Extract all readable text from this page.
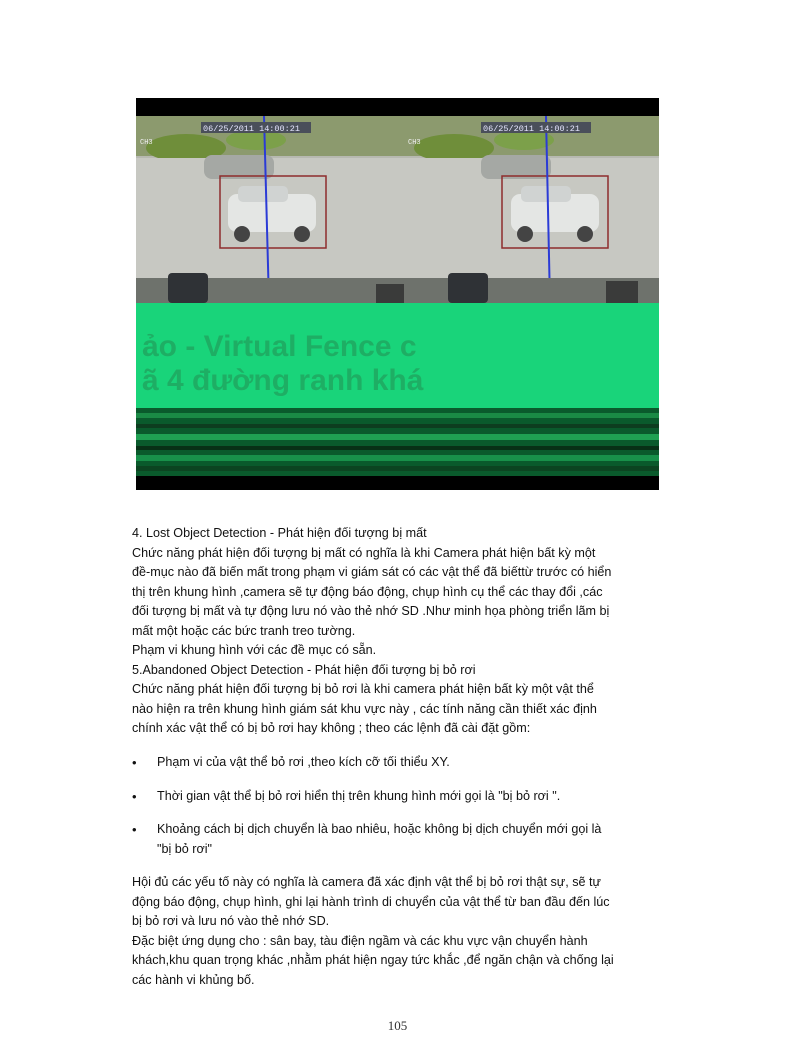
06/25/2011 14:00:21
CH3
06/25/2011 14:00:21
CH3
ảo - Virtual Fence c
ã 4 đường ranh khá

4. Lost Object Detection - Phát hiện đối tượng bị mất

Chức năng phát hiện đối tượng bị mất có nghĩa là khi Camera phát hiện bất kỳ một

đề-mục nào đã biến mất trong phạm vi giám sát có các vật thể đã biếttừ trước có hiển

thị trên khung hình ,camera sẽ tự động báo động, chụp hình cụ thể các thay đổi ,các

đối tượng bị mất và tự động lưu nó vào thẻ nhớ SD .Như minh họa phòng triển lãm bị

mất một hoặc các bức tranh treo tường.

Phạm vi khung hình với các đề mục có sẵn.

5.Abandoned Object Detection - Phát hiện đối tượng bị bỏ rơi

Chức năng phát hiện đối tượng bị bỏ rơi là khi camera phát hiện bất kỳ một vật thể

nào hiện ra trên khung hình giám sát khu vực này , các tính năng cần thiết xác định

chính xác vật thể có bị bỏ rơi hay không ; theo các lệnh đã cài đặt gồm:

• Phạm vi của vật thể bỏ rơi ,theo kích cỡ tối thiểu XY.

• Thời gian vật thể bị bỏ rơi hiển thị trên khung hình mới gọi là "bị bỏ rơi ".

• Khoảng cách bị dịch chuyển là bao nhiêu, hoặc không bị dịch chuyển mới gọi là

"bị bỏ rơi"

Hội đủ các yếu tố này có nghĩa là camera đã xác định vật thể bị bỏ rơi thật sự, sẽ tự

động báo động, chụp hình, ghi lại hành trình di chuyển của vật thể từ ban đầu đến lúc

bị bỏ rơi và lưu nó vào thẻ nhớ SD.

Đặc biệt ứng dụng cho : sân bay, tàu điện ngầm và các khu vực vận chuyển hành

khách,khu quan trọng khác ,nhằm phát hiện ngay tức khắc ,để ngăn chận và chống lại

các hành vi khủng bố.

105
